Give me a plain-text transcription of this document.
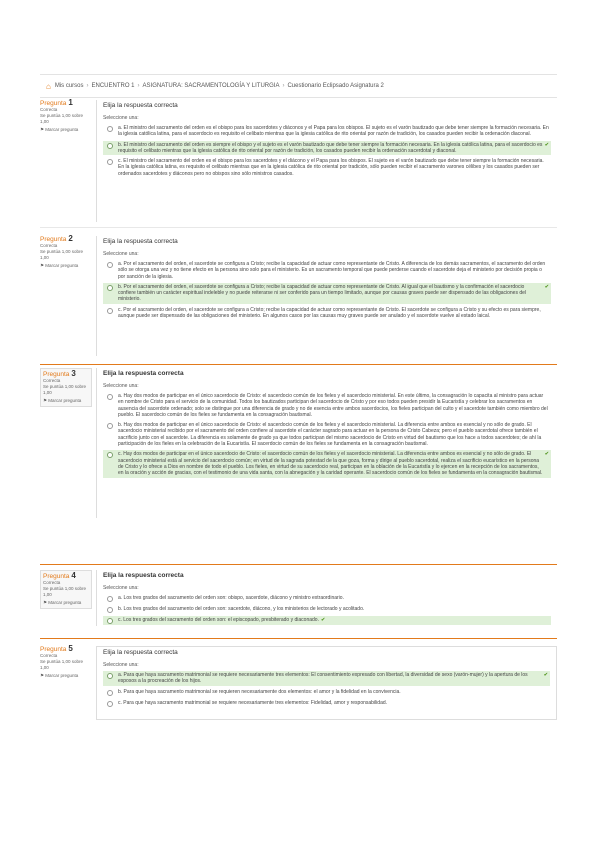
⌂ Mis cursos › ENCUENTRO 1 › ASIGNATURA: SACRAMENTOLOGÍA Y LITURGIA › Cuestionario Eclipsado Asignatura 2
Pregunta 1
Correcta
Se puntúa 1,00 sobre 1,00
⚑ Marcar pregunta
Elija la respuesta correcta
Seleccione una:
a. El ministro del sacramento del orden es el obispo para los sacerdotes y diáconos y el Papa para los obispos. El sujeto es el varón bautizado que debe tener siempre la formación necesaria. En la iglesia católica latina, para el sacerdocio es requisito el celibato mientras que la iglesia católica de rito oriental por razón de tradición, los casados pueden recibir la ordenación diaconal.
b. El ministro del sacramento del orden es siempre el obispo y el sujeto es el varón bautizado que debe tener siempre la formación necesaria. En la iglesia católica latina, para el sacerdocio es requisito el celibato mientras que la iglesia católica de rito oriental por razón de tradición, los casados pueden recibir la ordenación sacerdotal y diaconal.
✔
c. El ministro del sacramento del orden es el obispo para los sacerdotes y el diácono y el Papa para los obispos. El sujeto es el varón bautizado que debe tener siempre la formación necesaria. En la iglesia católica latina, es requisito el celibato mientras que en la iglesia católica de rito oriental por tradición, sólo pueden recibir el sacramento varones célibes y los casados pueden ser ordenados sacerdotes y diáconos pero no obispos sino sólo ministros casados.
Pregunta 2
Correcta
Se puntúa 1,00 sobre 1,00
⚑ Marcar pregunta
Elija la respuesta correcta
Seleccione una:
a. Por el sacramento del orden, el sacerdote se configura a Cristo; recibe la capacidad de actuar como representante de Cristo. A diferencia de los demás sacramentos, el sacramento del orden sólo se otorga una vez y no tiene efecto en la persona sino solo para el ministerio. Es un sacramento temporal que puede perderse cuando el sacerdote deja el ministerio por decisión propia o por sanción de la iglesia.
b. Por el sacramento del orden, el sacerdote se configura a Cristo; recibe la capacidad de actuar como representante de Cristo. Al igual que el bautismo y la confirmación el sacerdocio confiere también un carácter espiritual indeleble y no puede reiterarse ni ser conferido para un tiempo limitado, aunque por causas graves puede ser dispensado de las obligaciones del ministerio.
✔
c. Por el sacramento del orden, el sacerdote se configura a Cristo; recibe la capacidad de actuar como representante de Cristo. El sacerdote se configura a Cristo y su efecto es para siempre, aunque puede ser dispensado de las obligaciones del ministerio. En algunos casos por las causas muy graves puede ser anulado y el sacerdote vuelve al estado laical.
Pregunta 3
Correcta
Se puntúa 1,00 sobre 1,00
⚑ Marcar pregunta
Elija la respuesta correcta
Seleccione una:
a. Hay dos modos de participar en el único sacerdocio de Cristo: el sacerdocio común de los fieles y el sacerdocio ministerial. En este último, la consagración lo capacita al ministro para actuar en nombre de Cristo para el servicio de la comunidad. Todos los bautizados participan del sacerdocio de Cristo y por eso todos pueden presidir la Eucaristía y celebrar los sacramentos en ausencia del sacerdote ordenado; solo se distingue por una diferencia de grado y no de esencia entre ambos sacerdocios, los fieles participan del culto y el sacerdote también como miembro del pueblo. El sacerdocio común de los fieles se fundamenta en la consagración bautismal.
b. Hay dos modos de participar en el único sacerdocio de Cristo: el sacerdocio común de los fieles y el sacerdocio ministerial. La diferencia entre ambos es esencial y no sólo de grado. El sacerdocio ministerial recibido por el sacramento del orden confiere al sacerdote el carácter sagrado para actuar en la persona de Cristo Cabeza; pero el pueblo sacerdotal ofrece también el sacrificio junto con el sacerdote. La diferencia es solamente de grado ya que todos participan del mismo sacerdocio de Cristo en virtud del bautismo que los hace a todos sacerdotes; de ahí la participación de los fieles en la celebración de la Eucaristía. El sacerdocio común de los fieles se fundamenta en la consagración bautismal.
c. Hay dos modos de participar en el único sacerdocio de Cristo: el sacerdocio común de los fieles y el sacerdocio ministerial. La diferencia entre ambos es esencial y no sólo de grado. El sacerdocio ministerial está al servicio del sacerdocio común; en virtud de la sagrada potestad de la que goza, forma y dirige al pueblo sacerdotal, realiza el sacrificio eucarístico en la persona de Cristo y lo ofrece a Dios en nombre de todo el pueblo. Los fieles, en virtud de su sacerdocio real, participan en la oblación de la Eucaristía y lo ejercen en la recepción de los sacramentos, en la oración y acción de gracias, con el testimonio de una vida santa, con la abnegación y la caridad operante. El sacerdocio común de los fieles se fundamenta en la consagración bautismal.
✔
Pregunta 4
Correcta
Se puntúa 1,00 sobre 1,00
⚑ Marcar pregunta
Elija la respuesta correcta
Seleccione una:
a. Los tres grados del sacramento del orden son: obispo, sacerdote, diácono y ministro extraordinario.
b. Los tres grados del sacramento del orden son: sacerdote, diácono, y los ministerios de lectorado y acolitado.
c. Los tres grados del sacramento del orden son: el episcopado, presbiterado y diaconado. ✔
Pregunta 5
Correcta
Se puntúa 1,00 sobre 1,00
⚑ Marcar pregunta
Elija la respuesta correcta
Seleccione una:
a. Para que haya sacramento matrimonial se requiere necesariamente tres elementos: El consentimiento expresado con libertad, la diversidad de sexo (varón-mujer) y la apertura de los esposos a la procreación de los hijos.
✔
b. Para que haya sacramento matrimonial se requieren necesariamente dos elementos: el amor y la fidelidad en la convivencia.
c. Para que haya sacramento matrimonial se requiere necesariamente tres elementos: Fidelidad, amor y responsabilidad.
